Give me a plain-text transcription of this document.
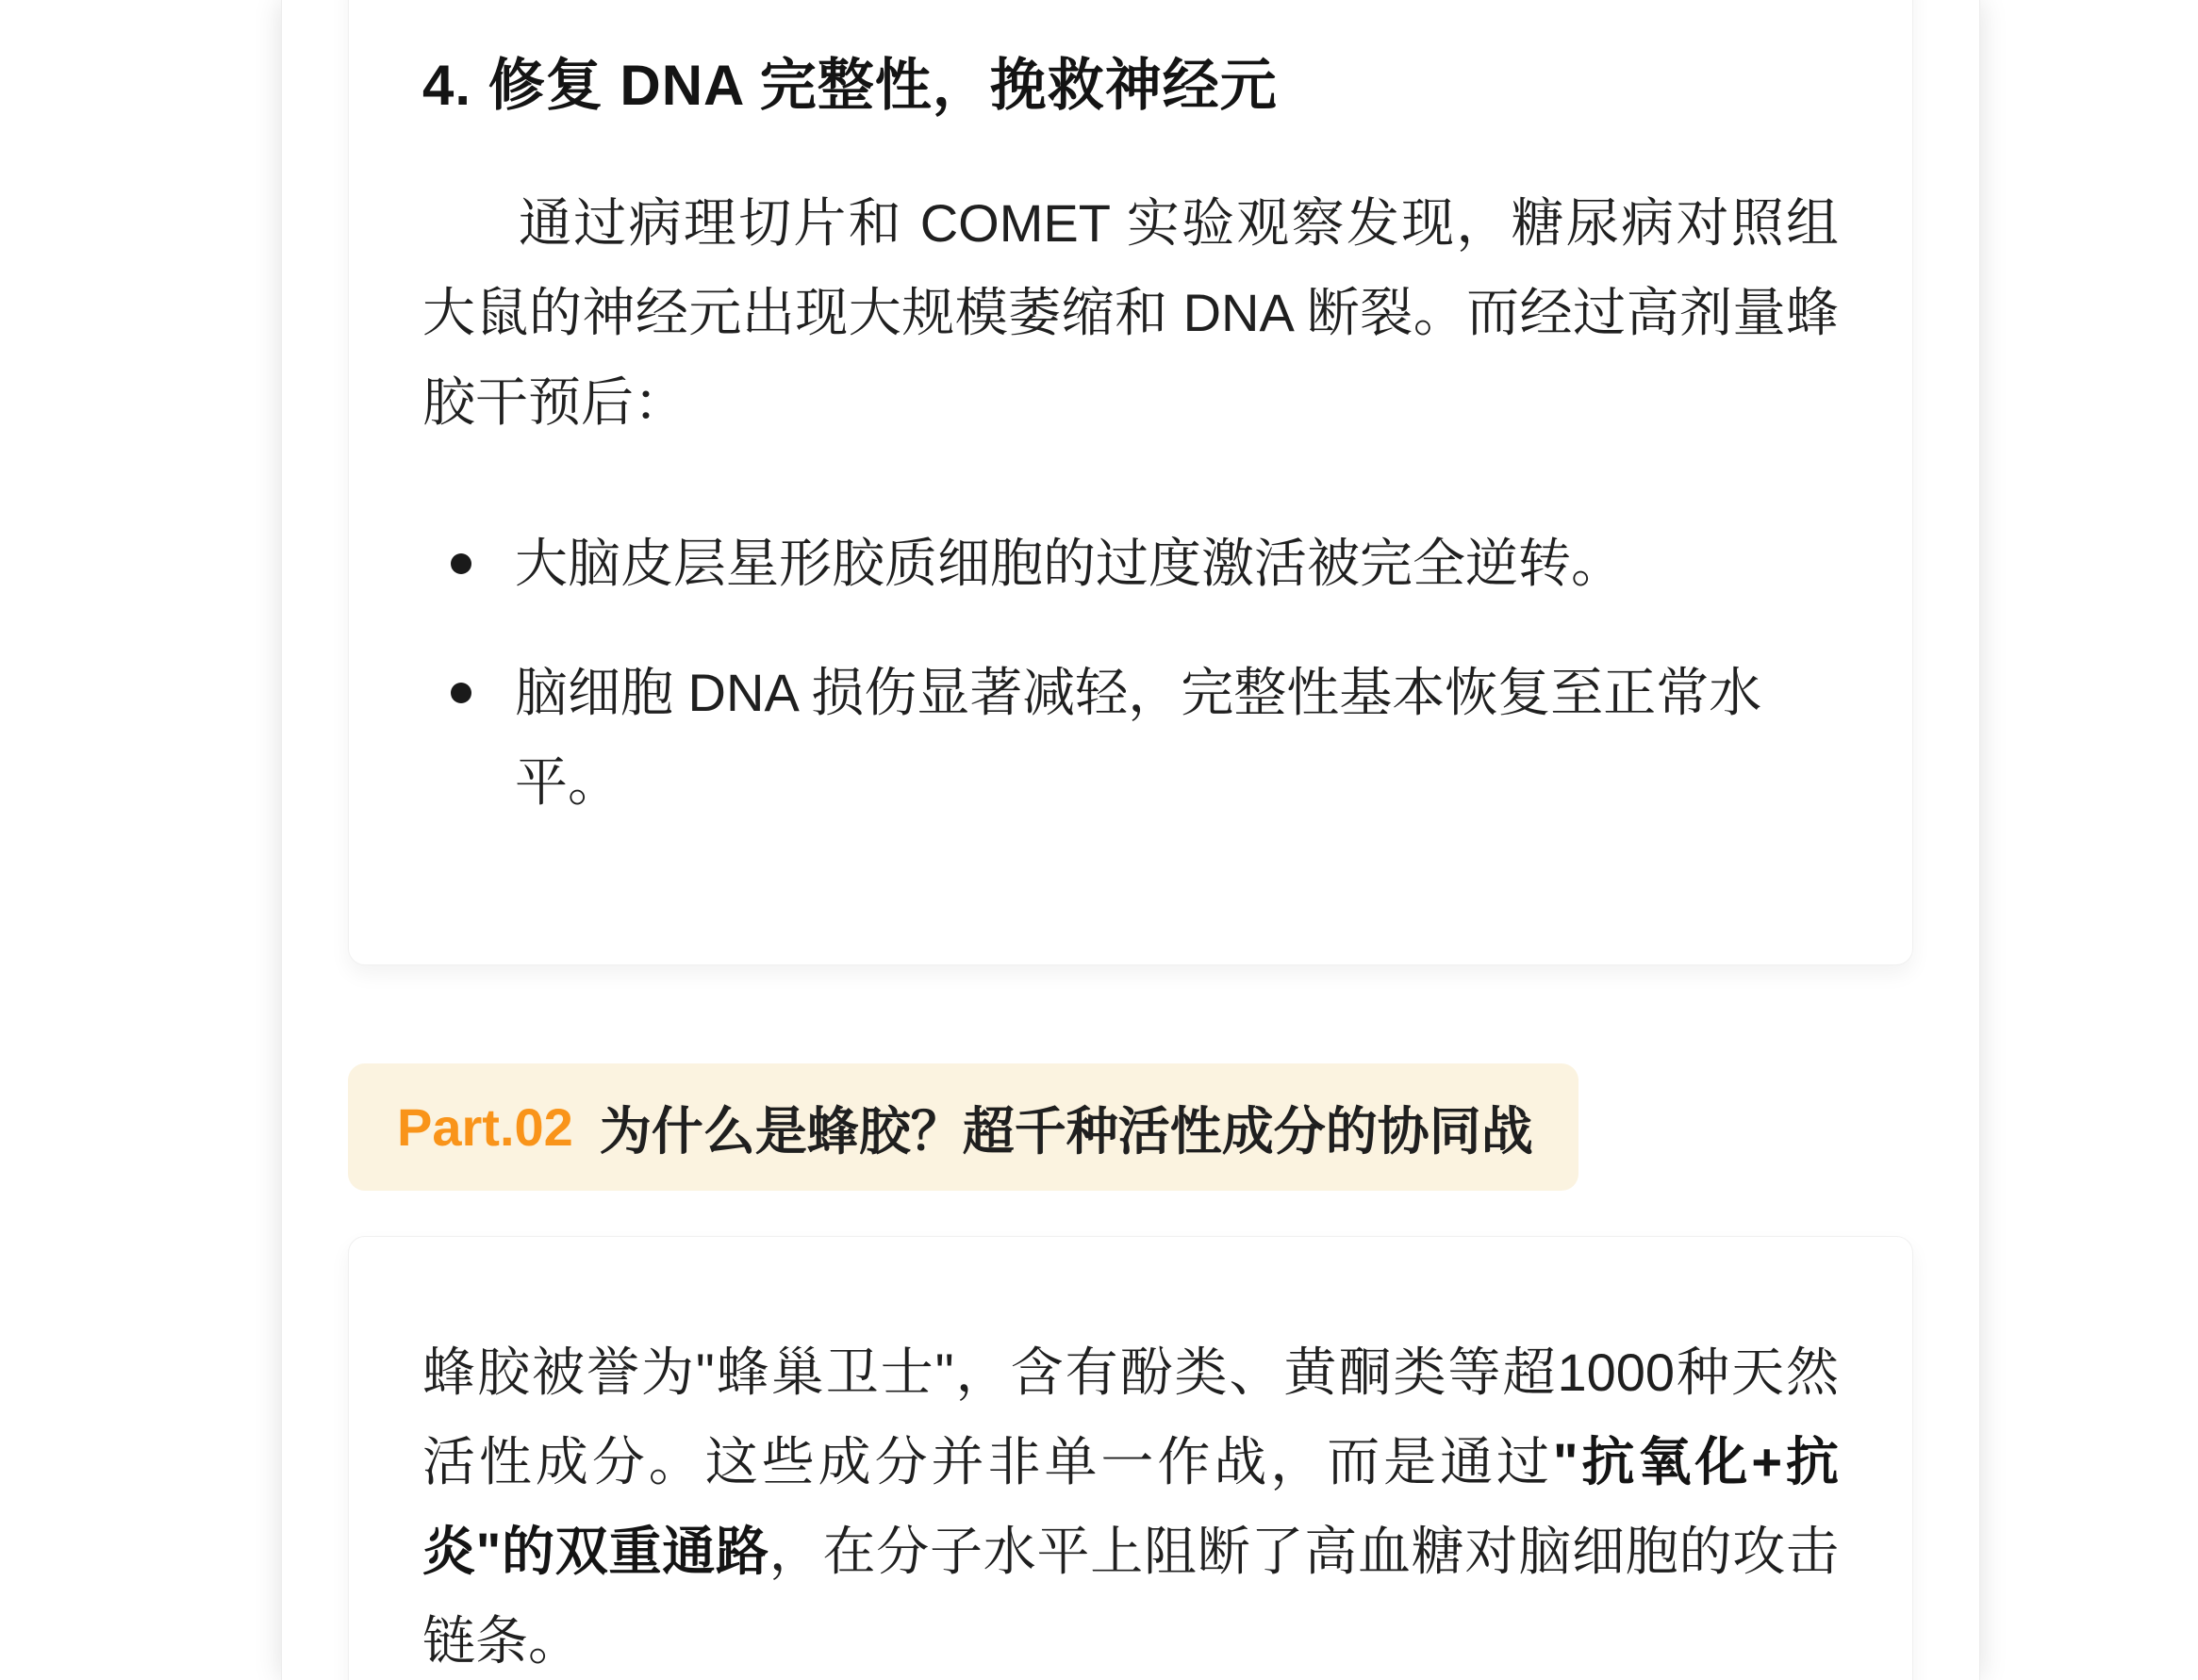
4. 修复 DNA 完整性，挽救神经元

通过病理切片和 COMET 实验观察发现，糖尿病对照组大鼠的神经元出现大规模萎缩和 DNA 断裂。而经过高剂量蜂胶干预后：

大脑皮层星形胶质细胞的过度激活被完全逆转。
脑细胞 DNA 损伤显著减轻，完整性基本恢复至正常水平。
Part.02 为什么是蜂胶？超千种活性成分的协同战

蜂胶被誉为"蜂巢卫士"，含有酚类、黄酮类等超1000种天然活性成分。这些成分并非单一作战，而是通过"抗氧化+抗炎"的双重通路，在分子水平上阻断了高血糖对脑细胞的攻击链条。
